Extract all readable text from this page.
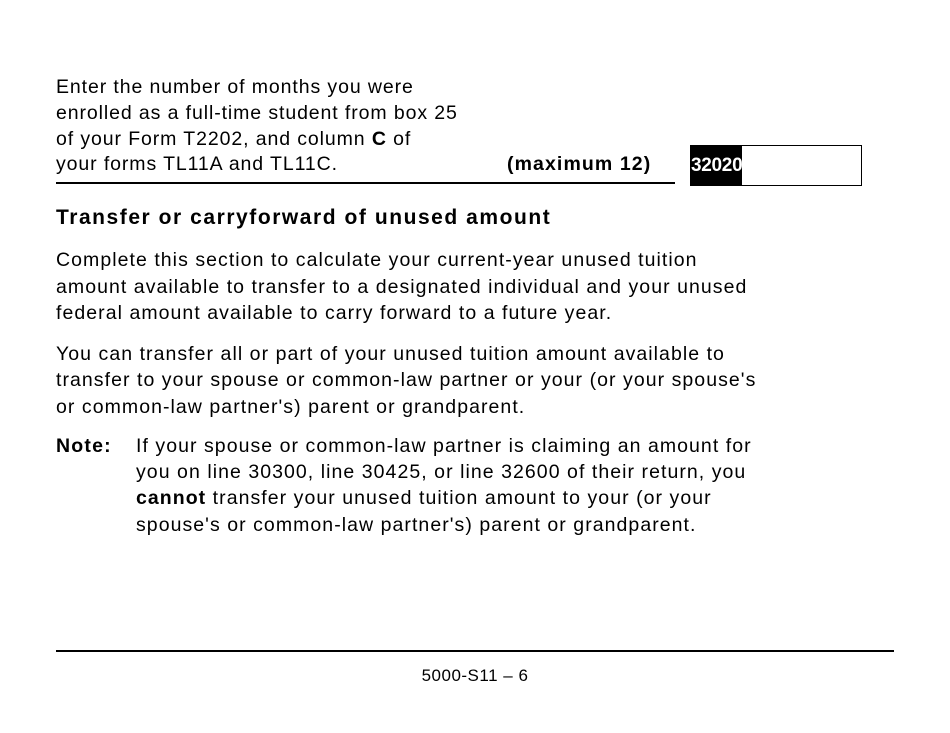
Enter the number of months you were
enrolled as a full-time student from box 25
of your Form T2202, and column C of
your forms TL11A and TL11C.	(maximum 12) 32020
Transfer or carryforward of unused amount
Complete this section to calculate your current-year unused tuition
amount available to transfer to a designated individual and your unused
federal amount available to carry forward to a future year.
You can transfer all or part of your unused tuition amount available to
transfer to your spouse or common-law partner or your (or your spouse's
or common-law partner's) parent or grandparent.
Note: If your spouse or common-law partner is claiming an amount for
you on line 30300, line 30425, or line 32600 of their return, you
cannot transfer your unused tuition amount to your (or your
spouse's or common-law partner's) parent or grandparent.
5000-S11 – 6
